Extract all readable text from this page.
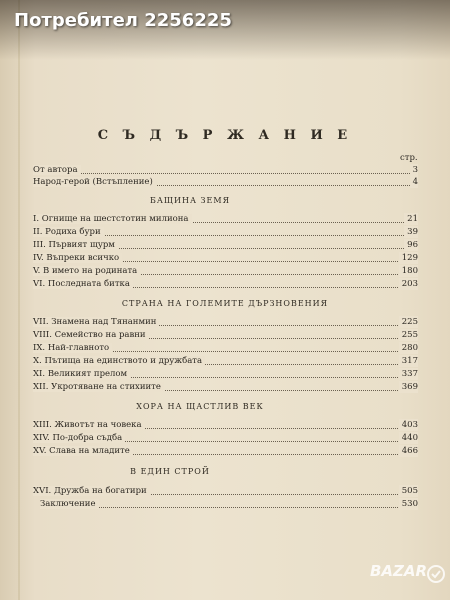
Потребител 2256225
С Ъ Д Ъ Р Ж А Н И Е
стр.
От автора	3
Народ-герой (Встъпление)	4
БАЩИНА ЗЕМЯ
I. Огнище на шестстотин милиона	21
II. Родиха бури	39
III. Първият щурм	96
IV. Въпреки всичко	129
V. В името на родината	180
VI. Последната битка	203
СТРАНА НА ГОЛЕМИТЕ ДЪРЗНОВЕНИЯ
VII. Знамена над Тянанмин	225
VIII. Семейство на равни	255
IX. Най-главното	280
X. Пътища на единството и дружбата	317
XI. Великият прелом	337
XII. Укротяване на стихиите	369
ХОРА НА ЩАСТЛИВ ВЕК
XIII. Животът на човека	403
XIV. По-добра съдба	440
XV. Слава на младите	466
В ЕДИН СТРОЙ
XVI. Дружба на богатири	505
Заключение	530
BAZAR
